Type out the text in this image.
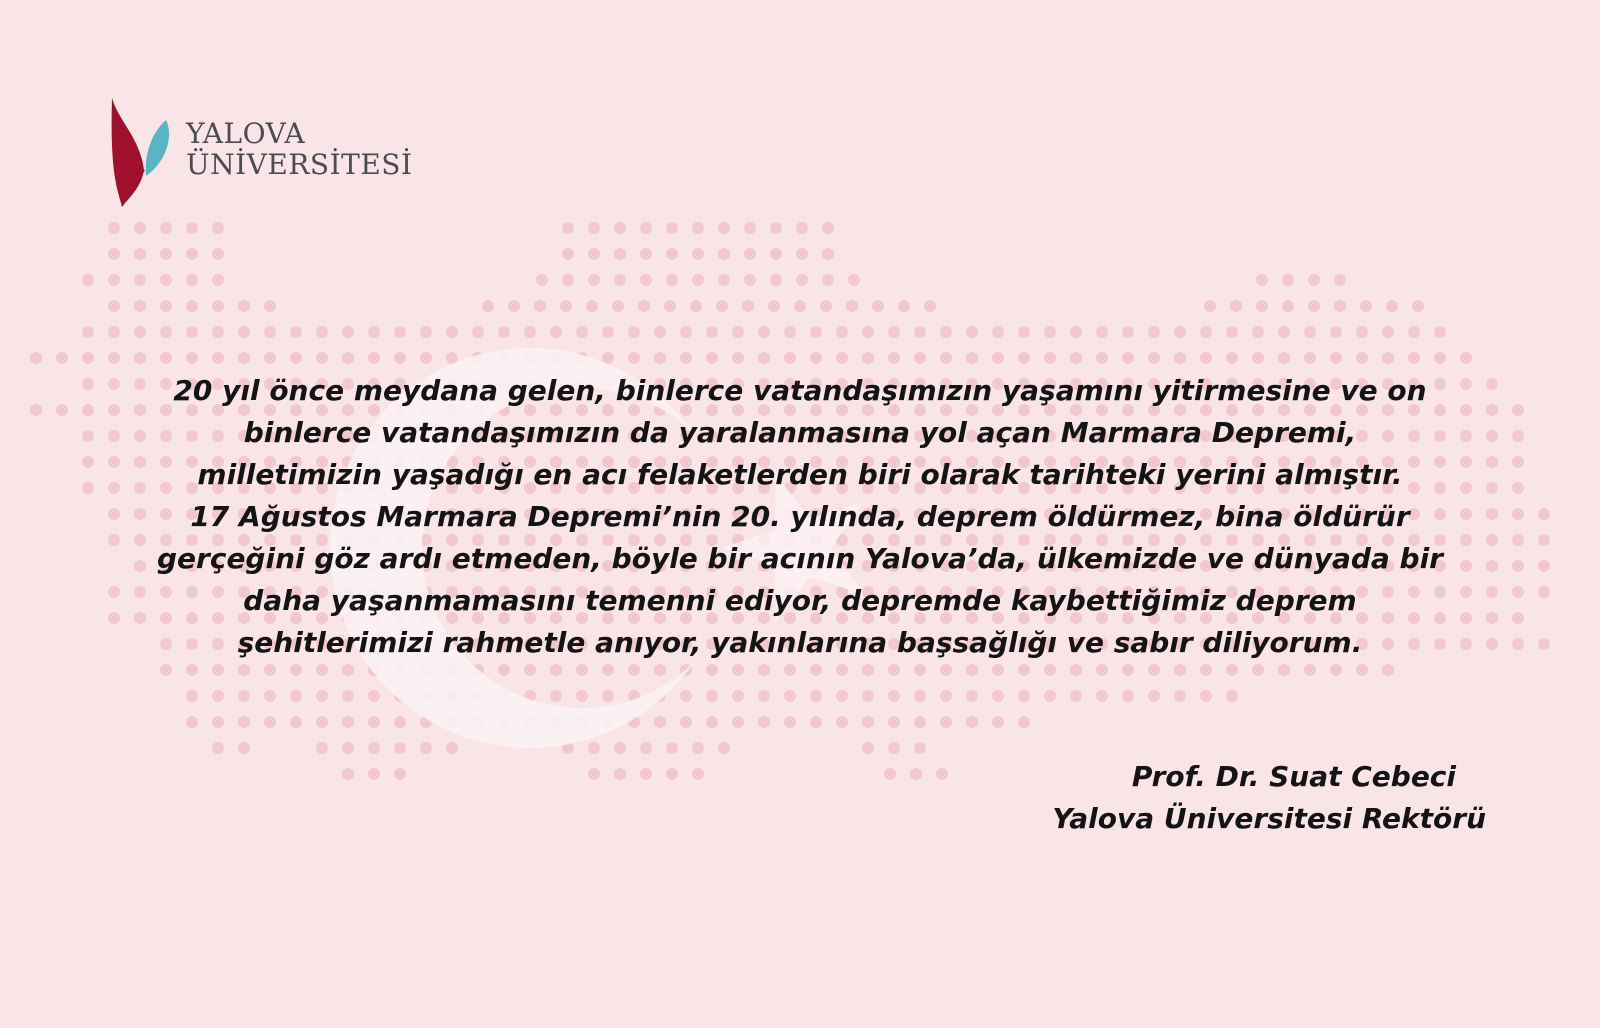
YALOVA
ÜNİVERSİTESİ
20 yıl önce meydana gelen, binlerce vatandaşımızın yaşamını yitirmesine ve on
binlerce vatandaşımızın da yaralanmasına yol açan Marmara Depremi,
milletimizin yaşadığı en acı felaketlerden biri olarak tarihteki yerini almıştır.
17 Ağustos Marmara Depremi’nin 20. yılında, deprem öldürmez, bina öldürür
gerçeğini göz ardı etmeden, böyle bir acının Yalova’da, ülkemizde ve dünyada bir
daha yaşanmamasını temenni ediyor, depremde kaybettiğimiz deprem
şehitlerimizi rahmetle anıyor, yakınlarına başsağlığı ve sabır diliyorum.
Prof. Dr. Suat Cebeci
Yalova Üniversitesi Rektörü
